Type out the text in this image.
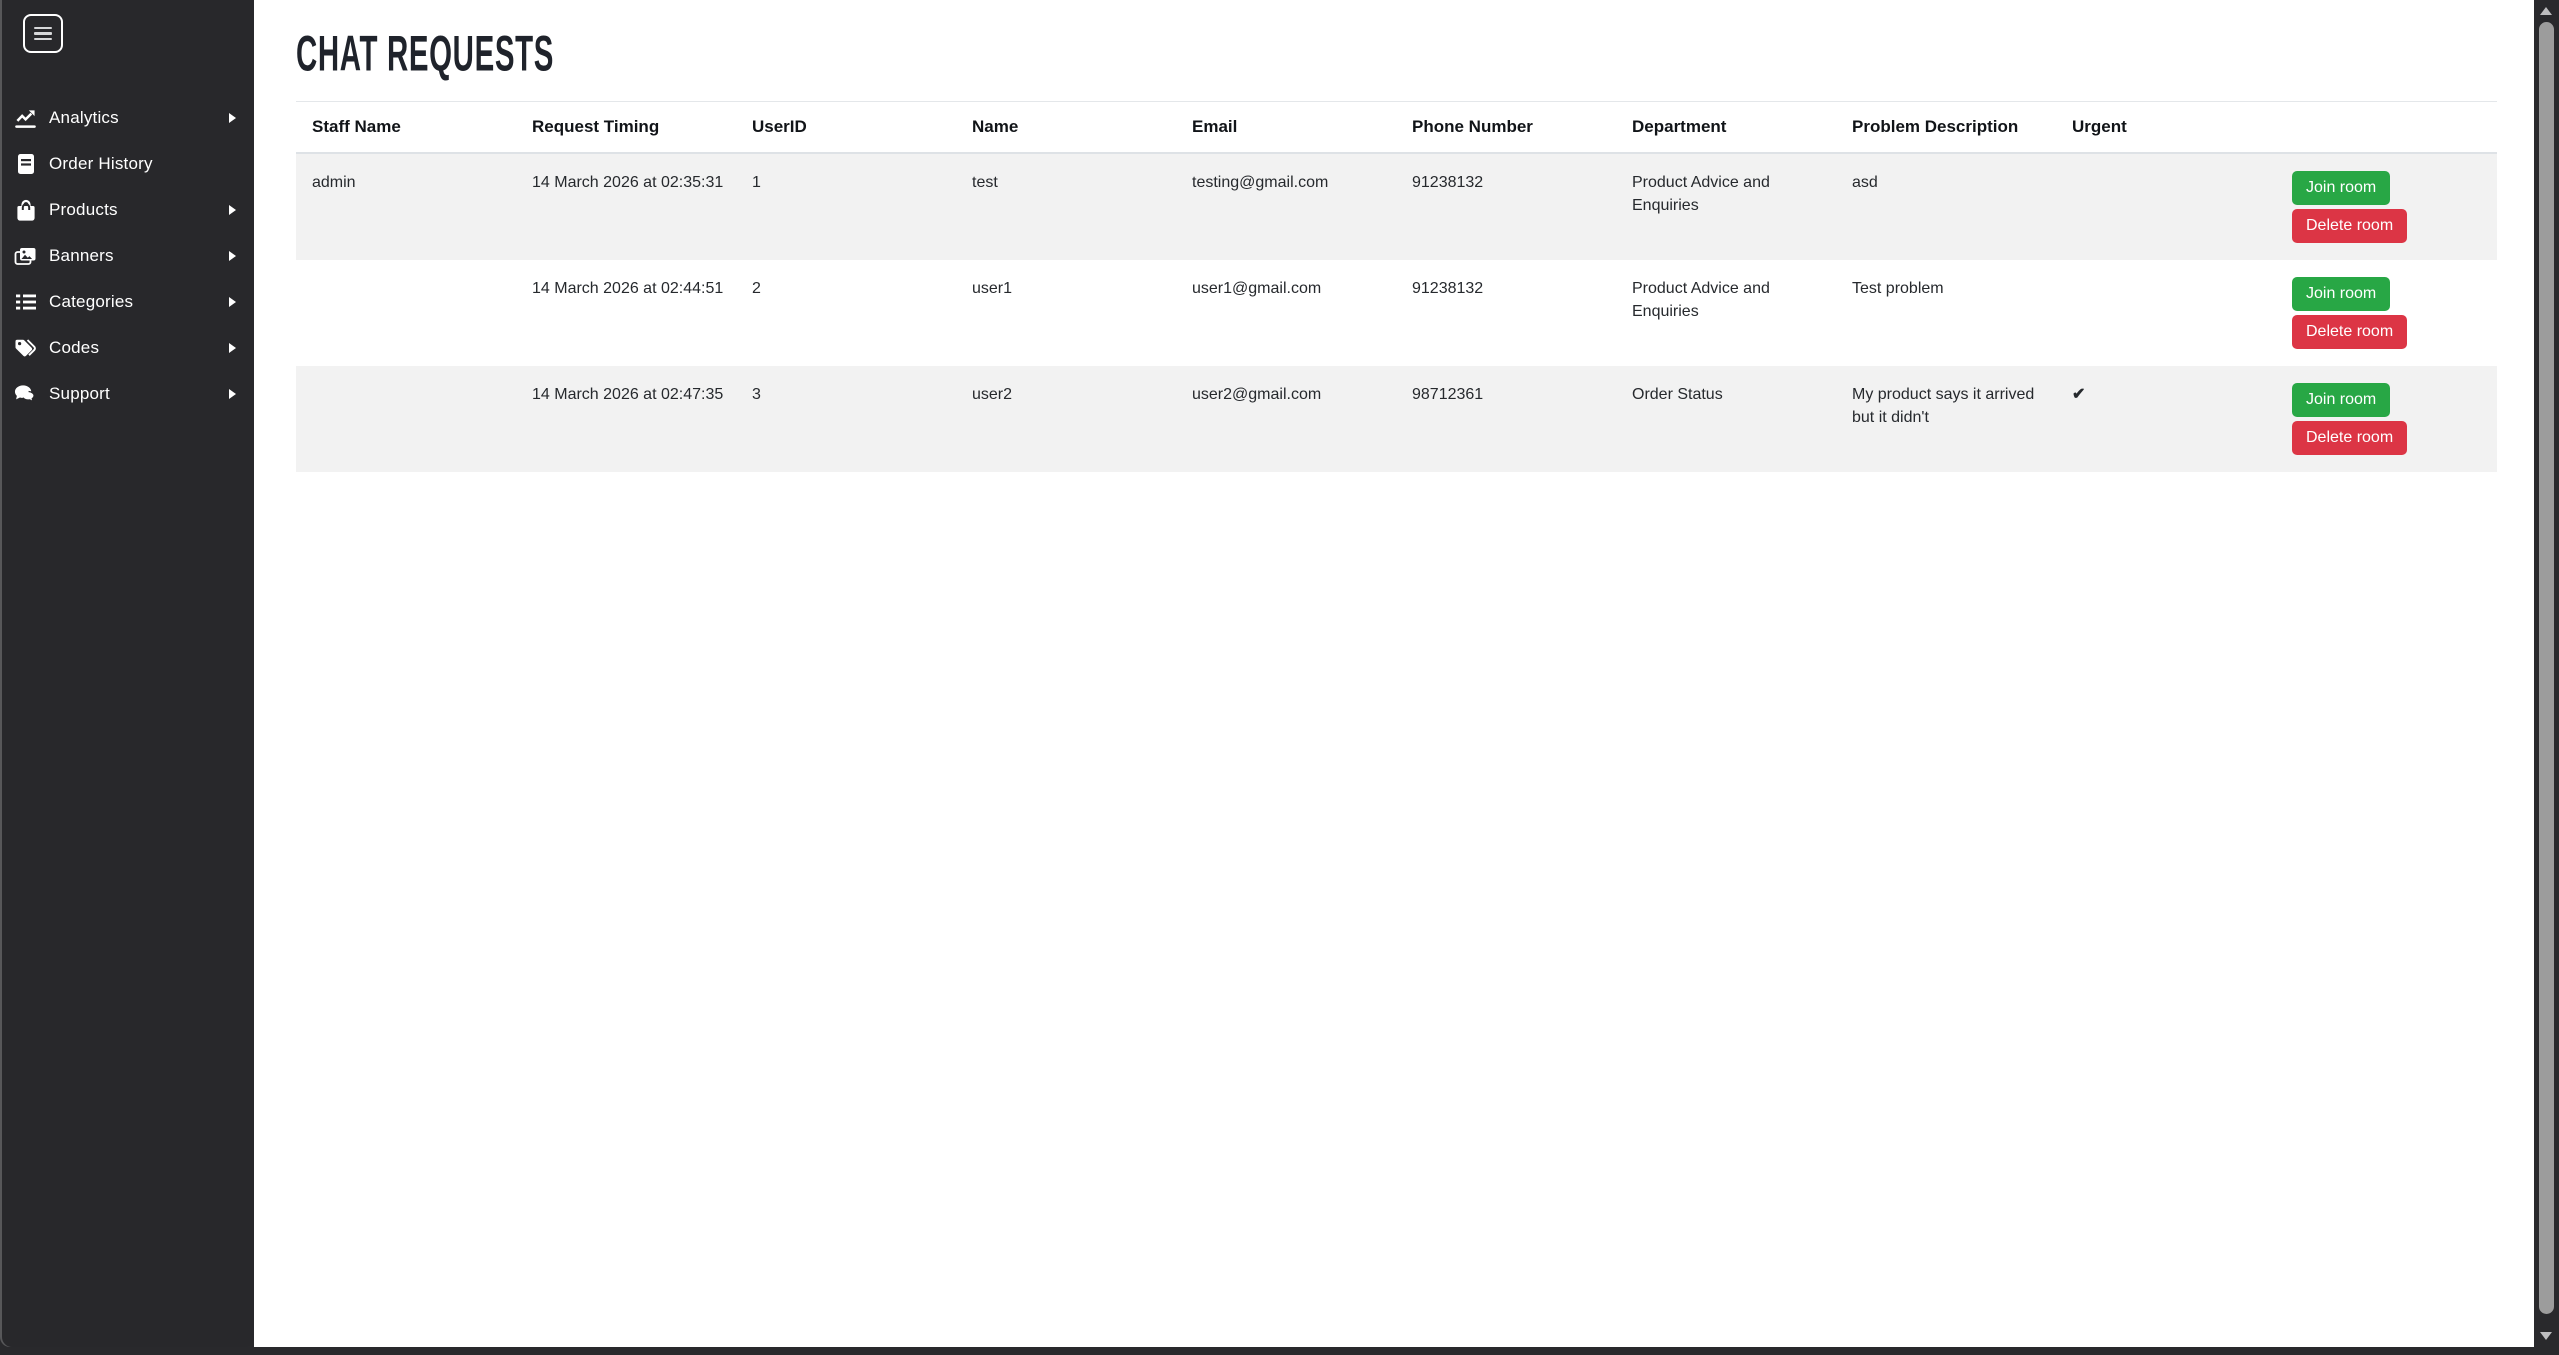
Analytics
Order History
Products
Banners
Categories
Codes
Support
CHAT REQUESTS
Staff Name	Request Timing	UserID	Name	Email	Phone Number	Department	Problem Description	Urgent	
admin	14 March 2026 at 02:35:31	1	test	testing@gmail.com	91238132	Product Advice and Enquiries	asd		Join room
Delete room

	14 March 2026 at 02:44:51	2	user1	user1@gmail.com	91238132	Product Advice and Enquiries	Test problem		Join room
Delete room

	14 March 2026 at 02:47:35	3	user2	user2@gmail.com	98712361	Order Status	My product says it arrived but it didn't	✔	Join room
Delete room
